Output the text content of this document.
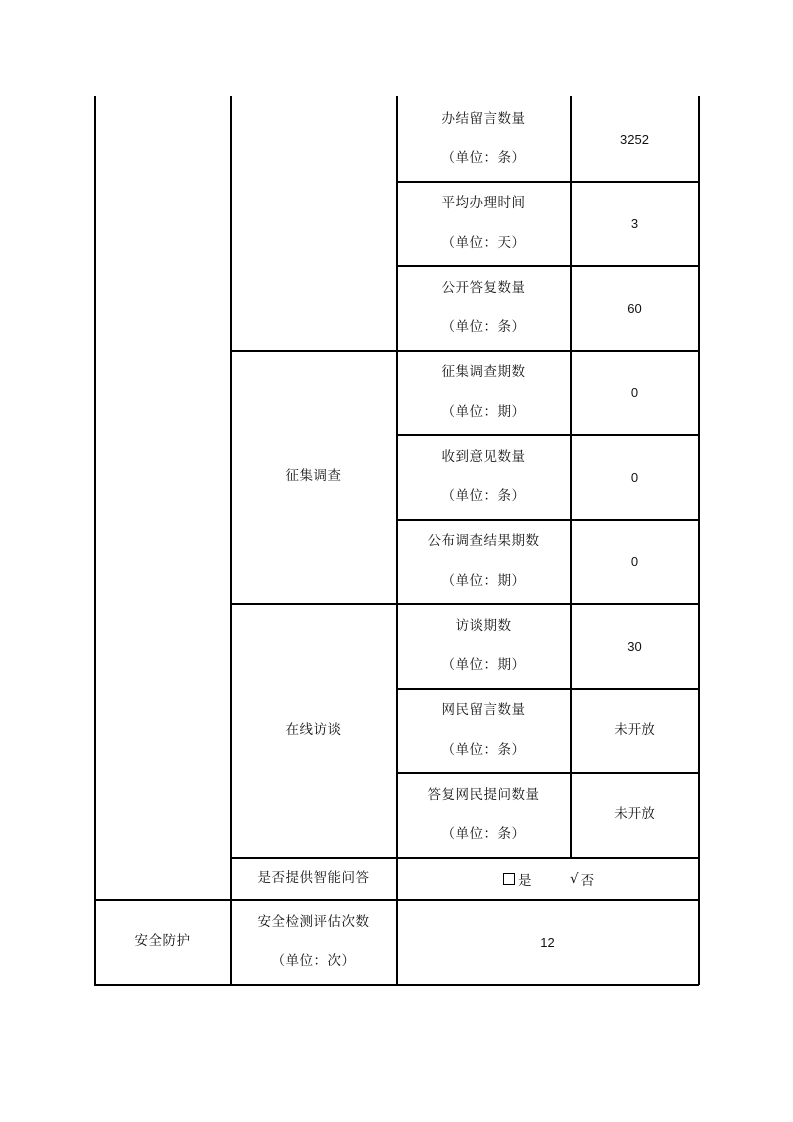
办结留言数量
（单位：条）
3252
平均办理时间
（单位：天）
3
公开答复数量
（单位：条）
60
征集调查
征集调查期数
（单位：期）
0
收到意见数量
（单位：条）
0
公布调查结果期数
（单位：期）
0
在线访谈
访谈期数
（单位：期）
30
网民留言数量
（单位：条）
未开放
答复网民提问数量
（单位：条）
未开放
是否提供智能问答	是	√ 否
安全防护
安全检测评估次数
（单位：次）
12
